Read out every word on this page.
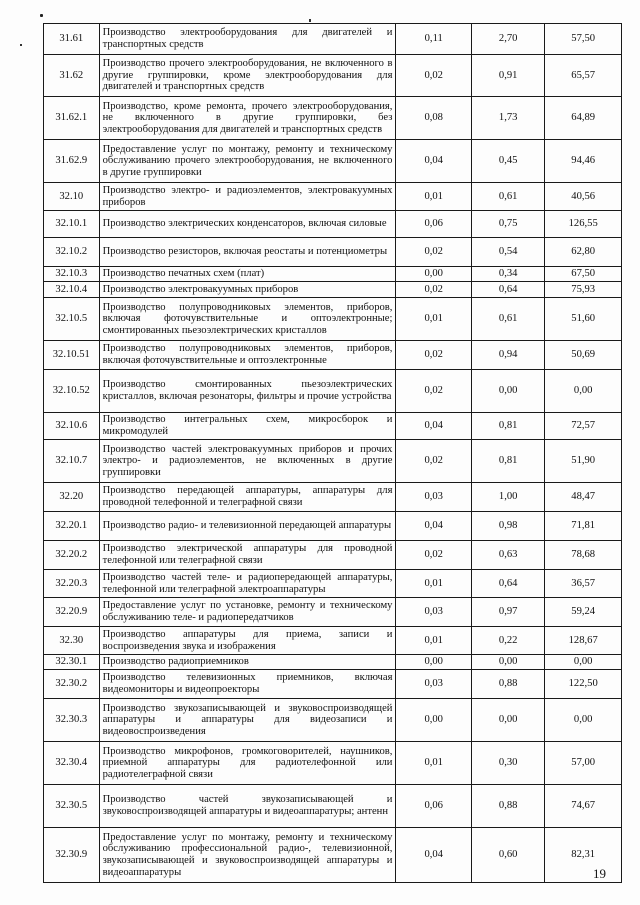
31.61	Производство электрооборудования для двигателей и транспортных средств	0,11	2,70	57,50
31.62	Производство прочего электрооборудования, не включенного в другие группировки, кроме электрооборудования для двигателей и транспортных средств	0,02	0,91	65,57
31.62.1	Производство, кроме ремонта, прочего электрооборудования, не включенного в другие группировки, без электрооборудования для двигателей и транспортных средств	0,08	1,73	64,89
31.62.9	Предоставление услуг по монтажу, ремонту и техническому обслуживанию прочего электрооборудования, не включенного в другие группировки	0,04	0,45	94,46
32.10	Производство электро- и радиоэлементов, электровакуумных приборов	0,01	0,61	40,56
32.10.1	Производство электрических конденсаторов, включая силовые	0,06	0,75	126,55
32.10.2	Производство резисторов, включая реостаты и потенциометры	0,02	0,54	62,80
32.10.3	Производство печатных схем (плат)	0,00	0,34	67,50
32.10.4	Производство электровакуумных приборов	0,02	0,64	75,93
32.10.5	Производство полупроводниковых элементов, приборов, включая фоточувствительные и оптоэлектронные; смонтированных пьезоэлектрических кристаллов	0,01	0,61	51,60
32.10.51	Производство полупроводниковых элементов, приборов, включая фоточувствительные и оптоэлектронные	0,02	0,94	50,69
32.10.52	Производство смонтированных пьезоэлектрических кристаллов, включая резонаторы, фильтры и прочие устройства	0,02	0,00	0,00
32.10.6	Производство интегральных схем, микросборок и микромодулей	0,04	0,81	72,57
32.10.7	Производство частей электровакуумных приборов и прочих электро- и радиоэлементов, не включенных в другие группировки	0,02	0,81	51,90
32.20	Производство передающей аппаратуры, аппаратуры для проводной телефонной и телеграфной связи	0,03	1,00	48,47
32.20.1	Производство радио- и телевизионной передающей аппаратуры	0,04	0,98	71,81
32.20.2	Производство электрической аппаратуры для проводной телефонной или телеграфной связи	0,02	0,63	78,68
32.20.3	Производство частей теле- и радиопередающей аппаратуры, телефонной или телеграфной электроаппаратуры	0,01	0,64	36,57
32.20.9	Предоставление услуг по установке, ремонту и техническому обслуживанию теле- и радиопередатчиков	0,03	0,97	59,24
32.30	Производство аппаратуры для приема, записи и воспроизведения звука и изображения	0,01	0,22	128,67
32.30.1	Производство радиоприемников	0,00	0,00	0,00
32.30.2	Производство телевизионных приемников, включая видеомониторы и видеопроекторы	0,03	0,88	122,50
32.30.3	Производство звукозаписывающей и звуковоспроизводящей аппаратуры и аппаратуры для видеозаписи и видеовоспроизведения	0,00	0,00	0,00
32.30.4	Производство микрофонов, громкоговорителей, наушников, приемной аппаратуры для радиотелефонной или радиотелеграфной связи	0,01	0,30	57,00
32.30.5	Производство частей звукозаписывающей и звуковоспроизводящей аппаратуры и видеоаппаратуры; антенн	0,06	0,88	74,67
32.30.9	Предоставление услуг по монтажу, ремонту и техническому обслуживанию профессиональной радио-, телевизионной, звукозаписывающей и звуковоспроизводящей аппаратуры и видеоаппаратуры	0,04	0,60	82,31
19
